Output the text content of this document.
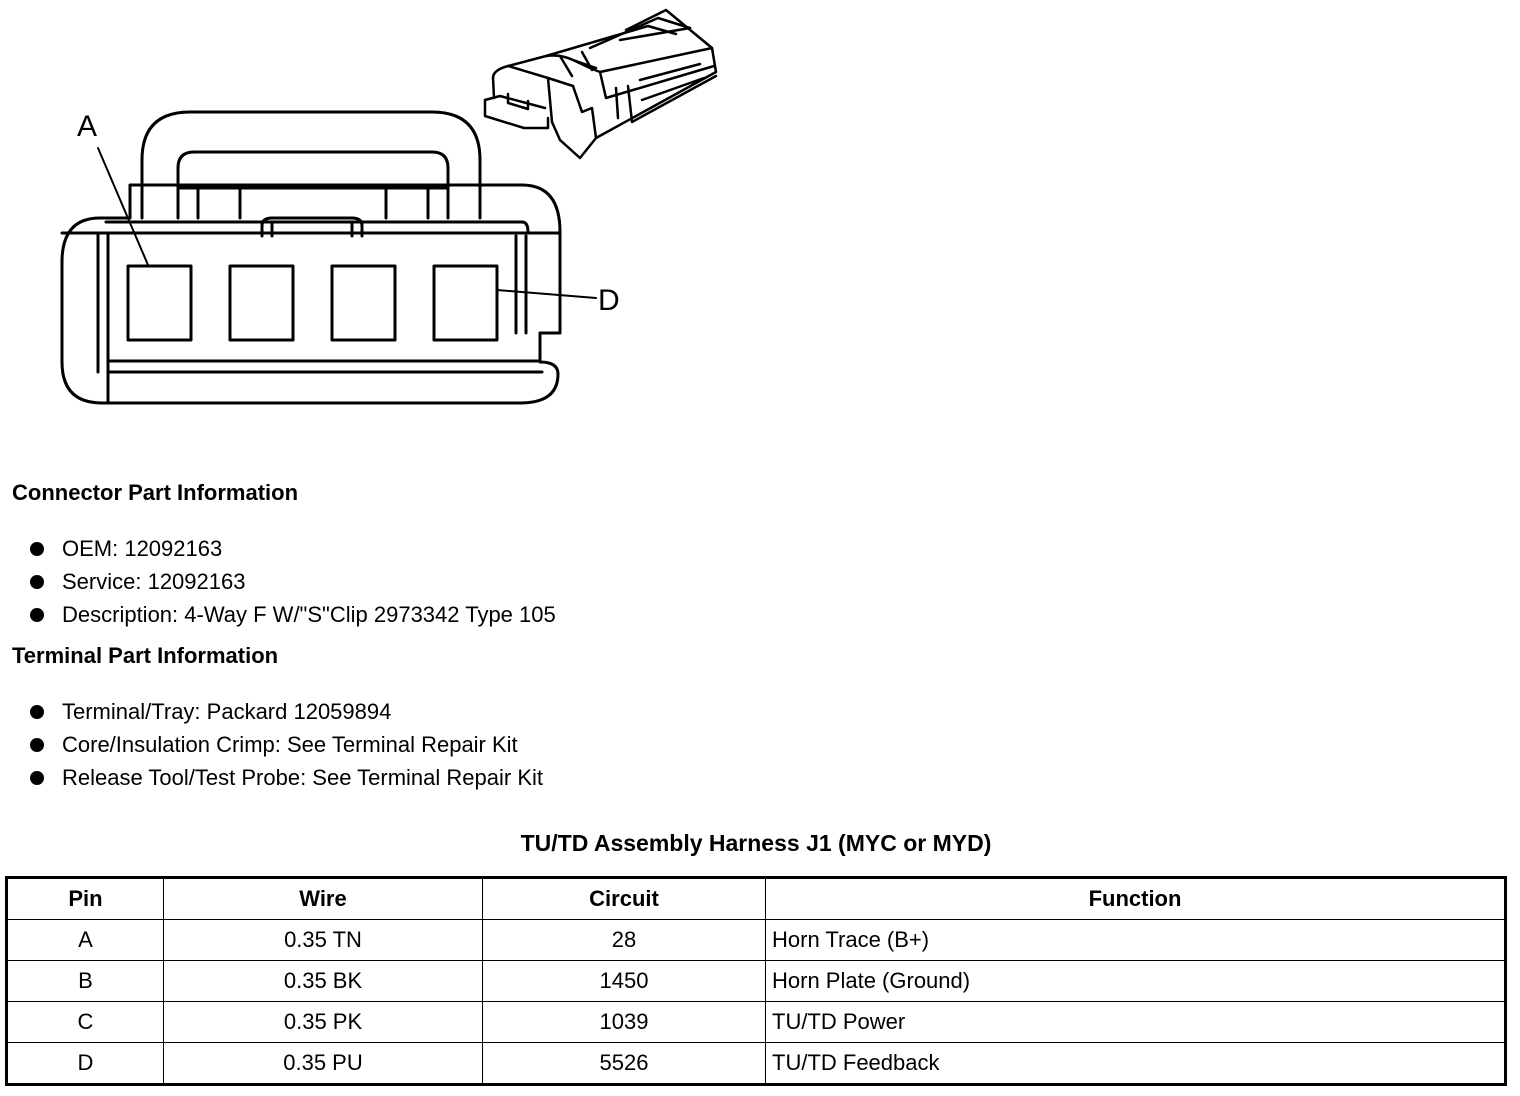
A
D
Connector Part Information
OEM: 12092163
Service: 12092163
Description: 4-Way F W/"S"Clip 2973342 Type 105
Terminal Part Information
Terminal/Tray: Packard 12059894
Core/Insulation Crimp: See Terminal Repair Kit
Release Tool/Test Probe: See Terminal Repair Kit
TU/TD Assembly Harness J1 (MYC or MYD)
Pin	Wire	Circuit	Function
A	0.35 TN	28	Horn Trace (B+)
B	0.35 BK	1450	Horn Plate (Ground)
C	0.35 PK	1039	TU/TD Power
D	0.35 PU	5526	TU/TD Feedback
